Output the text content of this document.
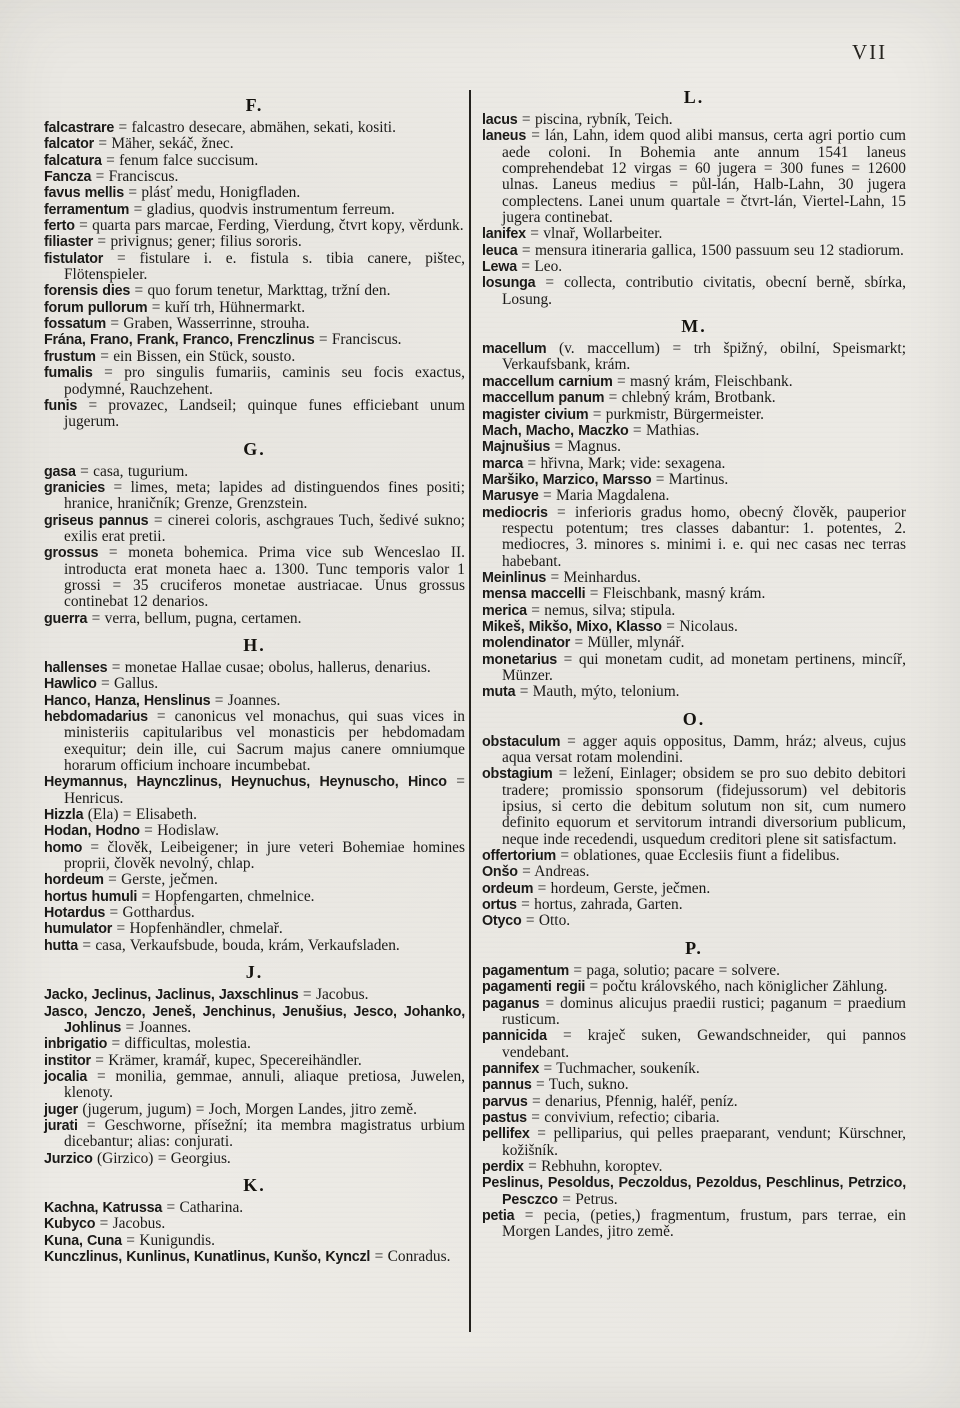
VII
F.

falcastrare = falcastro desecare, abmähen, sekati, kositi.

falcator = Mäher, sekáč, žnec.

falcatura = fenum falce succisum.

Fancza = Franciscus.

favus mellis = plásť medu, Honigfladen.

ferramentum = gladius, quodvis instrumentum ferreum.

ferto = quarta pars marcae, Ferding, Vierdung, čtvrt kopy, věrdunk.

filiaster = privignus; gener; filius sororis.

fistulator = fistulare i. e. fistula s. tibia canere, pištec, Flötenspieler.

forensis dies = quo forum tenetur, Markttag, tržní den.

forum pullorum = kuří trh, Hühnermarkt.

fossatum = Graben, Wasserrinne, strouha.

Frána, Frano, Frank, Franco, Frenczlinus = Franciscus.

frustum = ein Bissen, ein Stück, sousto.

fumalis = pro singulis fumariis, caminis seu focis exactus, podymné, Rauchzehent.

funis = provazec, Landseil; quinque funes efficiebant unum jugerum.

G.

gasa = casa, tugurium.

granicies = limes, meta; lapides ad distinguendos fines positi; hranice, hraničník; Grenze, Grenzstein.

griseus pannus = cinerei coloris, aschgraues Tuch, šedivé sukno; exilis erat pretii.

grossus = moneta bohemica. Prima vice sub Wenceslao II. introducta erat moneta haec a. 1300. Tunc temporis valor 1 grossi = 35 cruciferos monetae austriacae. Unus grossus continebat 12 denarios.

guerra = verra, bellum, pugna, certamen.

H.

hallenses = monetae Hallae cusae; obolus, hallerus, denarius.

Hawlico = Gallus.

Hanco, Hanza, Henslinus = Joannes.

hebdomadarius = canonicus vel monachus, qui suas vices in ministeriis capitularibus vel monasticis per hebdomadam exequitur; dein ille, cui Sacrum majus canere omniumque horarum officium inchoare incumbebat.

Heymannus, Haynczlinus, Heynuchus, Heynuscho, Hinco = Henricus.

Hizzla (Ela) = Elisabeth.

Hodan, Hodno = Hodislaw.

homo = člověk, Leibeigener; in jure veteri Bohemiae homines proprii, člověk nevolný, chlap.

hordeum = Gerste, ječmen.

hortus humuli = Hopfengarten, chmelnice.

Hotardus = Gotthardus.

humulator = Hopfenhändler, chmelař.

hutta = casa, Verkaufsbude, bouda, krám, Verkaufsladen.

J.

Jacko, Jeclinus, Jaclinus, Jaxschlinus = Jacobus.

Jasco, Jenczo, Jeneš, Jenchinus, Jenušius, Jesco, Johanko, Johlinus = Joannes.

inbrigatio = difficultas, molestia.

institor = Krämer, kramář, kupec, Specereihändler.

jocalia = monilia, gemmae, annuli, aliaque pretiosa, Juwelen, klenoty.

juger (jugerum, jugum) = Joch, Morgen Landes, jitro země.

jurati = Geschworne, přísežní; ita membra magistratus urbium dicebantur; alias: conjurati.

Jurzico (Girzico) = Georgius.

K.

Kachna, Katrussa = Catharina.

Kubyco = Jacobus.

Kuna, Cuna = Kunigundis.

Kunczlinus, Kunlinus, Kunatlinus, Kunšo, Kynczl = Conradus.

L.

lacus = piscina, rybník, Teich.

laneus = lán, Lahn, idem quod alibi mansus, certa agri portio cum aede coloni. In Bohemia ante annum 1541 laneus comprehendebat 12 virgas = 60 jugera = 300 funes = 12600 ulnas. Laneus medius = půl-lán, Halb-Lahn, 30 jugera complectens. Lanei unum quartale = čtvrt-lán, Viertel-Lahn, 15 jugera continebat.

lanifex = vlnař, Wollarbeiter.

leuca = mensura itineraria gallica, 1500 passuum seu 12 stadiorum.

Lewa = Leo.

losunga = collecta, contributio civitatis, obecní berně, sbírka, Losung.

M.

macellum (v. maccellum) = trh špižný, obilní, Speismarkt; Verkaufsbank, krám.

maccellum carnium = masný krám, Fleischbank.

maccellum panum = chlebný krám, Brotbank.

magister civium = purkmistr, Bürgermeister.

Mach, Macho, Maczko = Mathias.

Majnušius = Magnus.

marca = hřivna, Mark; vide: sexagena.

Maršiko, Marzico, Marsso = Martinus.

Marusye = Maria Magdalena.

mediocris = inferioris gradus homo, obecný člověk, pauperior respectu potentum; tres classes dabantur: 1. potentes, 2. mediocres, 3. minores s. minimi i. e. qui nec casas nec terras habebant.

Meinlinus = Meinhardus.

mensa maccelli = Fleischbank, masný krám.

merica = nemus, silva; stipula.

Mikeš, Mikšo, Mixo, Klasso = Nicolaus.

molendinator = Müller, mlynář.

monetarius = qui monetam cudit, ad monetam pertinens, mincíř, Münzer.

muta = Mauth, mýto, telonium.

O.

obstaculum = agger aquis oppositus, Damm, hráz; alveus, cujus aqua versat rotam molendini.

obstagium = ležení, Einlager; obsidem se pro suo debito debitori tradere; promissio sponsorum (fidejussorum) vel debitoris ipsius, si certo die debitum solutum non sit, cum numero definito equorum et servitorum intrandi diversorium publicum, neque inde recedendi, usquedum creditori plene sit satisfactum.

offertorium = oblationes, quae Ecclesiis fiunt a fidelibus.

Onšo = Andreas.

ordeum = hordeum, Gerste, ječmen.

ortus = hortus, zahrada, Garten.

Otyco = Otto.

P.

pagamentum = paga, solutio; pacare = solvere.

pagamenti regii = počtu královského, nach königlicher Zählung.

paganus = dominus alicujus praedii rustici; paganum = praedium rusticum.

pannicida = kraječ suken, Gewandschneider, qui pannos vendebant.

pannifex = Tuchmacher, soukeník.

pannus = Tuch, sukno.

parvus = denarius, Pfennig, haléř, peníz.

pastus = convivium, refectio; cibaria.

pellifex = pelliparius, qui pelles praeparant, vendunt; Kürschner, kožišník.

perdix = Rebhuhn, koroptev.

Peslinus, Pesoldus, Peczoldus, Pezoldus, Peschlinus, Petrzico, Pesczco = Petrus.

petia = pecia, (peties,) fragmentum, frustum, pars terrae, ein Morgen Landes, jitro země.
